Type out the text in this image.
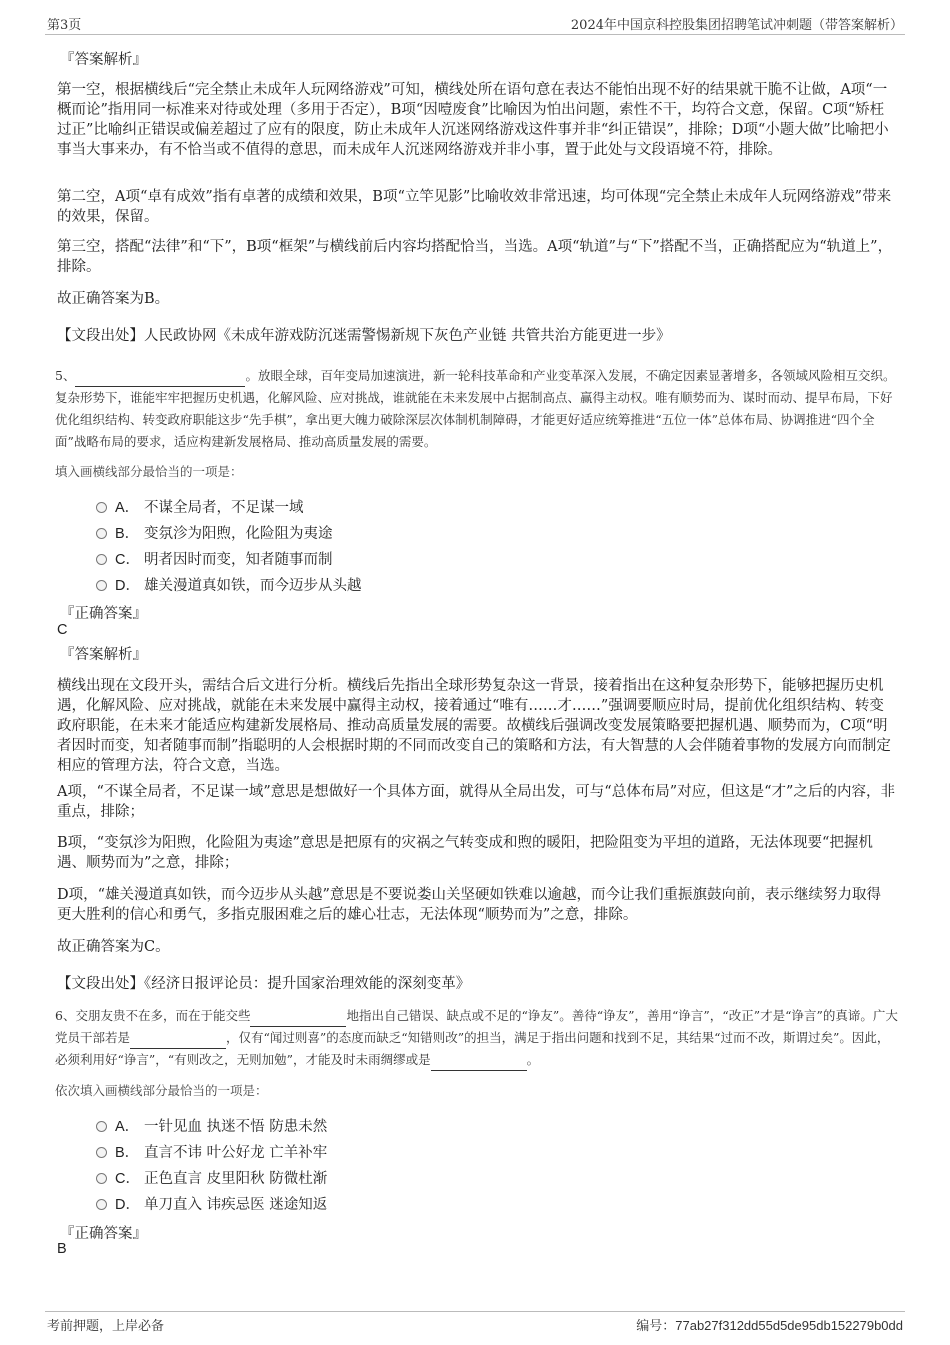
第3页	2024年中国京科控股集团招聘笔试冲刺题（带答案解析）
『答案解析』

第一空，根据横线后“完全禁止未成年人玩网络游戏”可知，横线处所在语句意在表达不能怕出现不好的结果就干脆不让做，A项“一概而论”指用同一标准来对待或处理（多用于否定），B项“因噎废食”比喻因为怕出问题，索性不干，均符合文意，保留。C项“矫枉过正”比喻纠正错误或偏差超过了应有的限度，防止未成年人沉迷网络游戏这件事并非“纠正错误”，排除；D项“小题大做”比喻把小事当大事来办，有不恰当或不值得的意思，而未成年人沉迷网络游戏并非小事，置于此处与文段语境不符，排除。

第二空，A项“卓有成效”指有卓著的成绩和效果，B项“立竿见影”比喻收效非常迅速，均可体现“完全禁止未成年人玩网络游戏”带来的效果，保留。

第三空，搭配“法律”和“下”，B项“框架”与横线前后内容均搭配恰当，当选。A项“轨道”与“下”搭配不当，正确搭配应为“轨道上”，排除。

故正确答案为B。

【文段出处】人民政协网《未成年游戏防沉迷需警惕新规下灰色产业链 共管共治方能更进一步》
5、	。放眼全球，百年变局加速演进，新一轮科技革命和产业变革深入发展，不确定因素显著增多，各领域风险相互交织。复杂形势下，谁能牢牢把握历史机遇，化解风险、应对挑战，谁就能在未来发展中占据制高点、赢得主动权。唯有顺势而为、谋时而动、提早布局，下好优化组织结构、转变政府职能这步“先手棋”，拿出更大魄力破除深层次体制机制障碍，才能更好适应统筹推进“五位一体”总体布局、协调推进“四个全面”战略布局的要求，适应构建新发展格局、推动高质量发展的需要。
填入画横线部分最恰当的一项是：
A． 不谋全局者，不足谋一域
B． 变氛沴为阳煦，化险阻为夷途
C． 明者因时而变，知者随事而制
D． 雄关漫道真如铁，而今迈步从头越
『正确答案』
C
『答案解析』

横线出现在文段开头，需结合后文进行分析。横线后先指出全球形势复杂这一背景，接着指出在这种复杂形势下，能够把握历史机遇，化解风险、应对挑战，就能在未来发展中赢得主动权，接着通过“唯有……才……”强调要顺应时局，提前优化组织结构、转变政府职能，在未来才能适应构建新发展格局、推动高质量发展的需要。故横线后强调改变发展策略要把握机遇、顺势而为，C项“明者因时而变，知者随事而制”指聪明的人会根据时期的不同而改变自己的策略和方法，有大智慧的人会伴随着事物的发展方向而制定相应的管理方法，符合文意，当选。

A项，“不谋全局者，不足谋一域”意思是想做好一个具体方面，就得从全局出发，可与“总体布局”对应，但这是“才”之后的内容，非重点，排除；

B项，“变氛沴为阳煦，化险阻为夷途”意思是把原有的灾祸之气转变成和煦的暖阳，把险阻变为平坦的道路，无法体现要“把握机遇、顺势而为”之意，排除；

D项，“雄关漫道真如铁，而今迈步从头越”意思是不要说娄山关坚硬如铁难以逾越，而今让我们重振旗鼓向前，表示继续努力取得更大胜利的信心和勇气，多指克服困难之后的雄心壮志，无法体现“顺势而为”之意，排除。

故正确答案为C。

【文段出处】《经济日报评论员：提升国家治理效能的深刻变革》
6、交朋友贵不在多，而在于能交些	地指出自己错误、缺点或不足的“诤友”。善待“诤友”，善用“诤言”，“改正”才是“诤言”的真谛。广大党员干部若是	，仅有“闻过则喜”的态度而缺乏“知错则改”的担当，满足于指出问题和找到不足，其结果“过而不改，斯谓过矣”。因此，必须利用好“诤言”，“有则改之，无则加勉”，才能及时未雨绸缪或是	。
依次填入画横线部分最恰当的一项是：
A． 一针见血 执迷不悟 防患未然
B． 直言不讳 叶公好龙 亡羊补牢
C． 正色直言 皮里阳秋 防微杜渐
D． 单刀直入 讳疾忌医 迷途知返
『正确答案』
B
考前押题，上岸必备	编号：77ab27f312dd55d5de95db152279b0dd
